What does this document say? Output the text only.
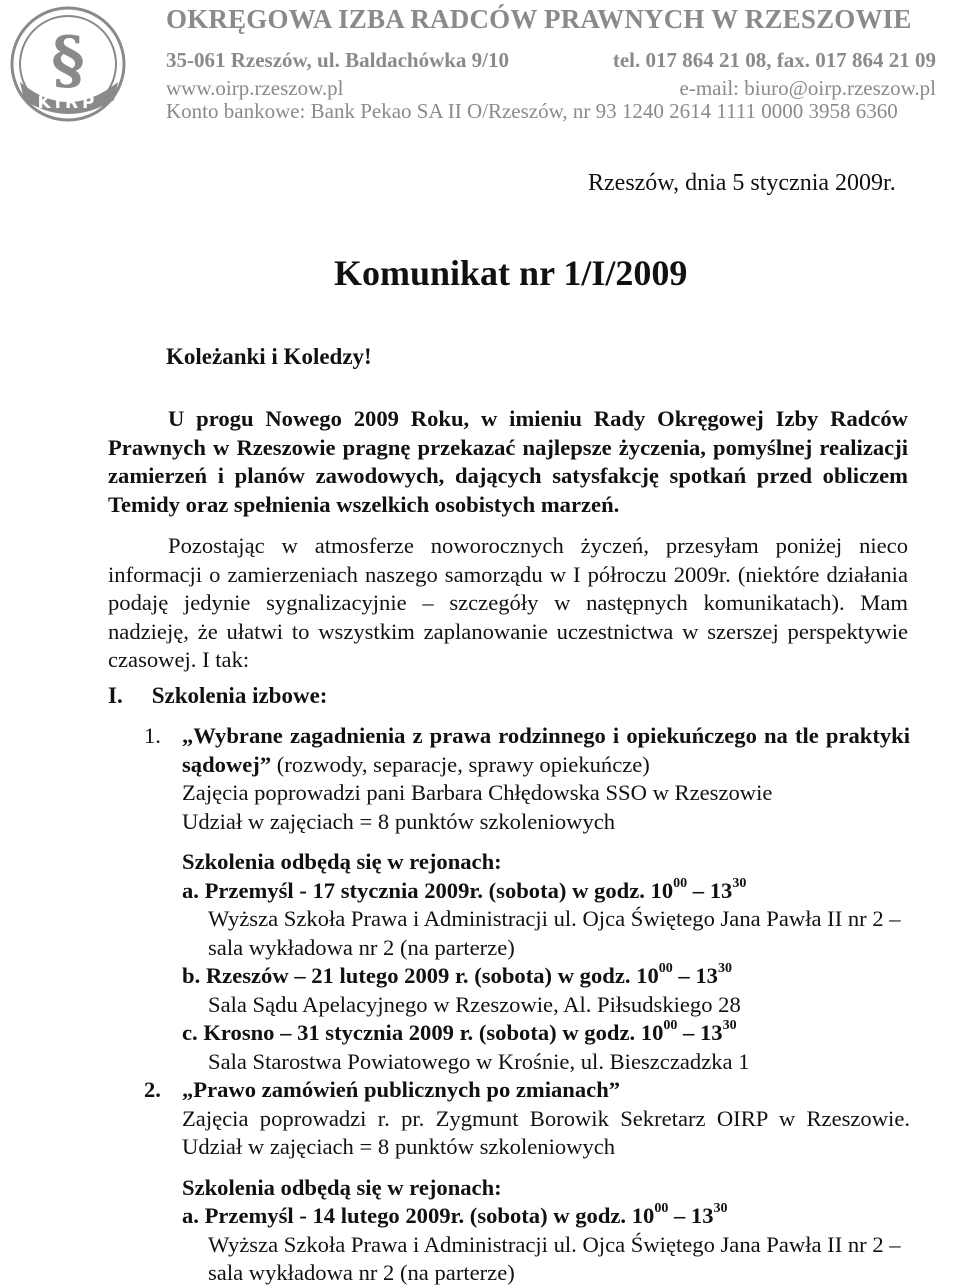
§
KIRP
OKRĘGOWA IZBA RADCÓW PRAWNYCH W RZESZOWIE
35-061 Rzeszów, ul. Baldachówka 9/10	tel. 017 864 21 08, fax. 017 864 21 09
www.oirp.rzeszow.pl	e-mail: biuro@oirp.rzeszow.pl
Konto bankowe: Bank Pekao SA II O/Rzeszów, nr 93 1240 2614 1111 0000 3958 6360
Rzeszów, dnia 5 stycznia 2009r.
Komunikat nr 1/I/2009
Koleżanki i Koledzy!
U progu Nowego 2009 Roku, w imieniu Rady Okręgowej Izby Radców Prawnych w Rzeszowie pragnę przekazać najlepsze życzenia, pomyślnej realizacji zamierzeń i planów zawodowych, dających satysfakcję spotkań przed obliczem Temidy oraz spełnienia wszelkich osobistych marzeń.
Pozostając w atmosferze noworocznych życzeń, przesyłam poniżej nieco informacji o zamierzeniach naszego samorządu w I półroczu 2009r. (niektóre działania podaję jedynie sygnalizacyjnie – szczegóły w następnych komunikatach). Mam nadzieję, że ułatwi to wszystkim zaplanowanie uczestnictwa w szerszej perspektywie czasowej. I tak:
I. Szkolenia izbowe:
1. „Wybrane zagadnienia z prawa rodzinnego i opiekuńczego na tle praktyki sądowej” (rozwody, separacje, sprawy opiekuńcze)
Zajęcia poprowadzi pani Barbara Chłędowska SSO w Rzeszowie
Udział w zajęciach = 8 punktów szkoleniowych
Szkolenia odbędą się w rejonach:
a. Przemyśl - 17 stycznia 2009r. (sobota) w godz. $10^{00} - 13^{30}$
Wyższa Szkoła Prawa i Administracji ul. Ojca Świętego Jana Pawła II nr 2 – sala wykładowa nr 2 (na parterze)
b. Rzeszów – 21 lutego 2009 r. (sobota) w godz. $10^{00} - 13^{30}$
Sala Sądu Apelacyjnego w Rzeszowie, Al. Piłsudskiego 28
c. Krosno – 31 stycznia 2009 r. (sobota) w godz. $10^{00} - 13^{30}$
Sala Starostwa Powiatowego w Krośnie, ul. Bieszczadzka 1
2. „Prawo zamówień publicznych po zmianach”
Zajęcia poprowadzi r. pr. Zygmunt Borowik Sekretarz OIRP w Rzeszowie. Udział w zajęciach = 8 punktów szkoleniowych
Szkolenia odbędą się w rejonach:
a. Przemyśl - 14 lutego 2009r. (sobota) w godz. $10^{00} - 13^{30}$
Wyższa Szkoła Prawa i Administracji ul. Ojca Świętego Jana Pawła II nr 2 – sala wykładowa nr 2 (na parterze)
